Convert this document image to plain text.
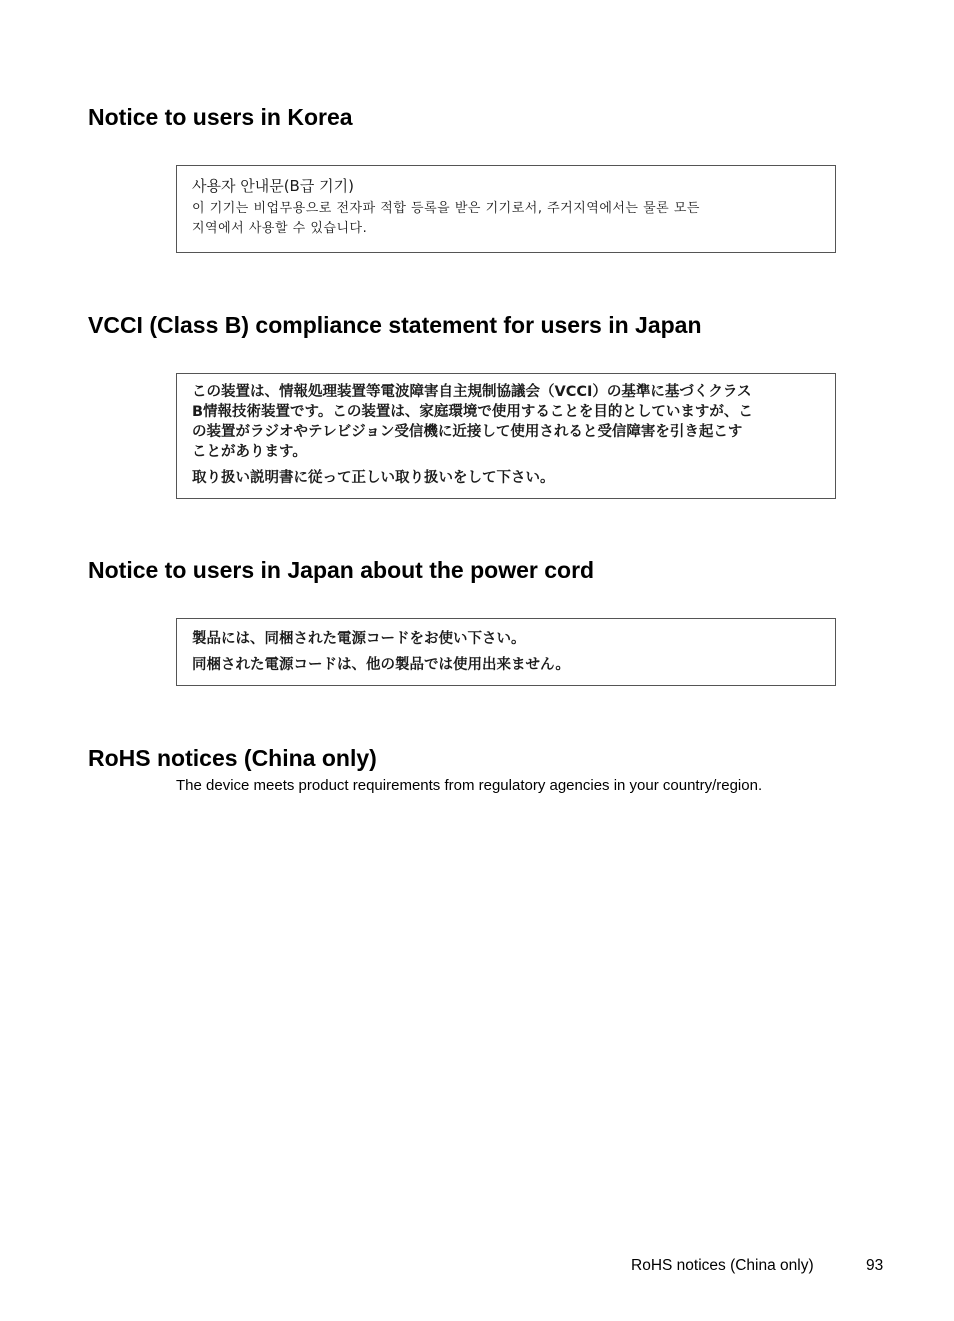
Notice to users in Korea
사용자 안내문(B급 기기)
이 기기는 비업무용으로 전자파 적합 등록을 받은 기기로서, 주거지역에서는 물론 모든
지역에서 사용할 수 있습니다.
VCCI (Class B) compliance statement for users in Japan
この装置は、情報処理装置等電波障害自主規制協議会（VCCI）の基準に基づくクラス
B情報技術装置です。この装置は、家庭環境で使用することを目的としていますが、こ
の装置がラジオやテレビジョン受信機に近接して使用されると受信障害を引き起こす
ことがあります。
取り扱い説明書に従って正しい取り扱いをして下さい。
Notice to users in Japan about the power cord
製品には、同梱された電源コードをお使い下さい。
同梱された電源コードは、他の製品では使用出来ません。
RoHS notices (China only)

The device meets product requirements from regulatory agencies in your country/region.

RoHS notices (China only)	93
